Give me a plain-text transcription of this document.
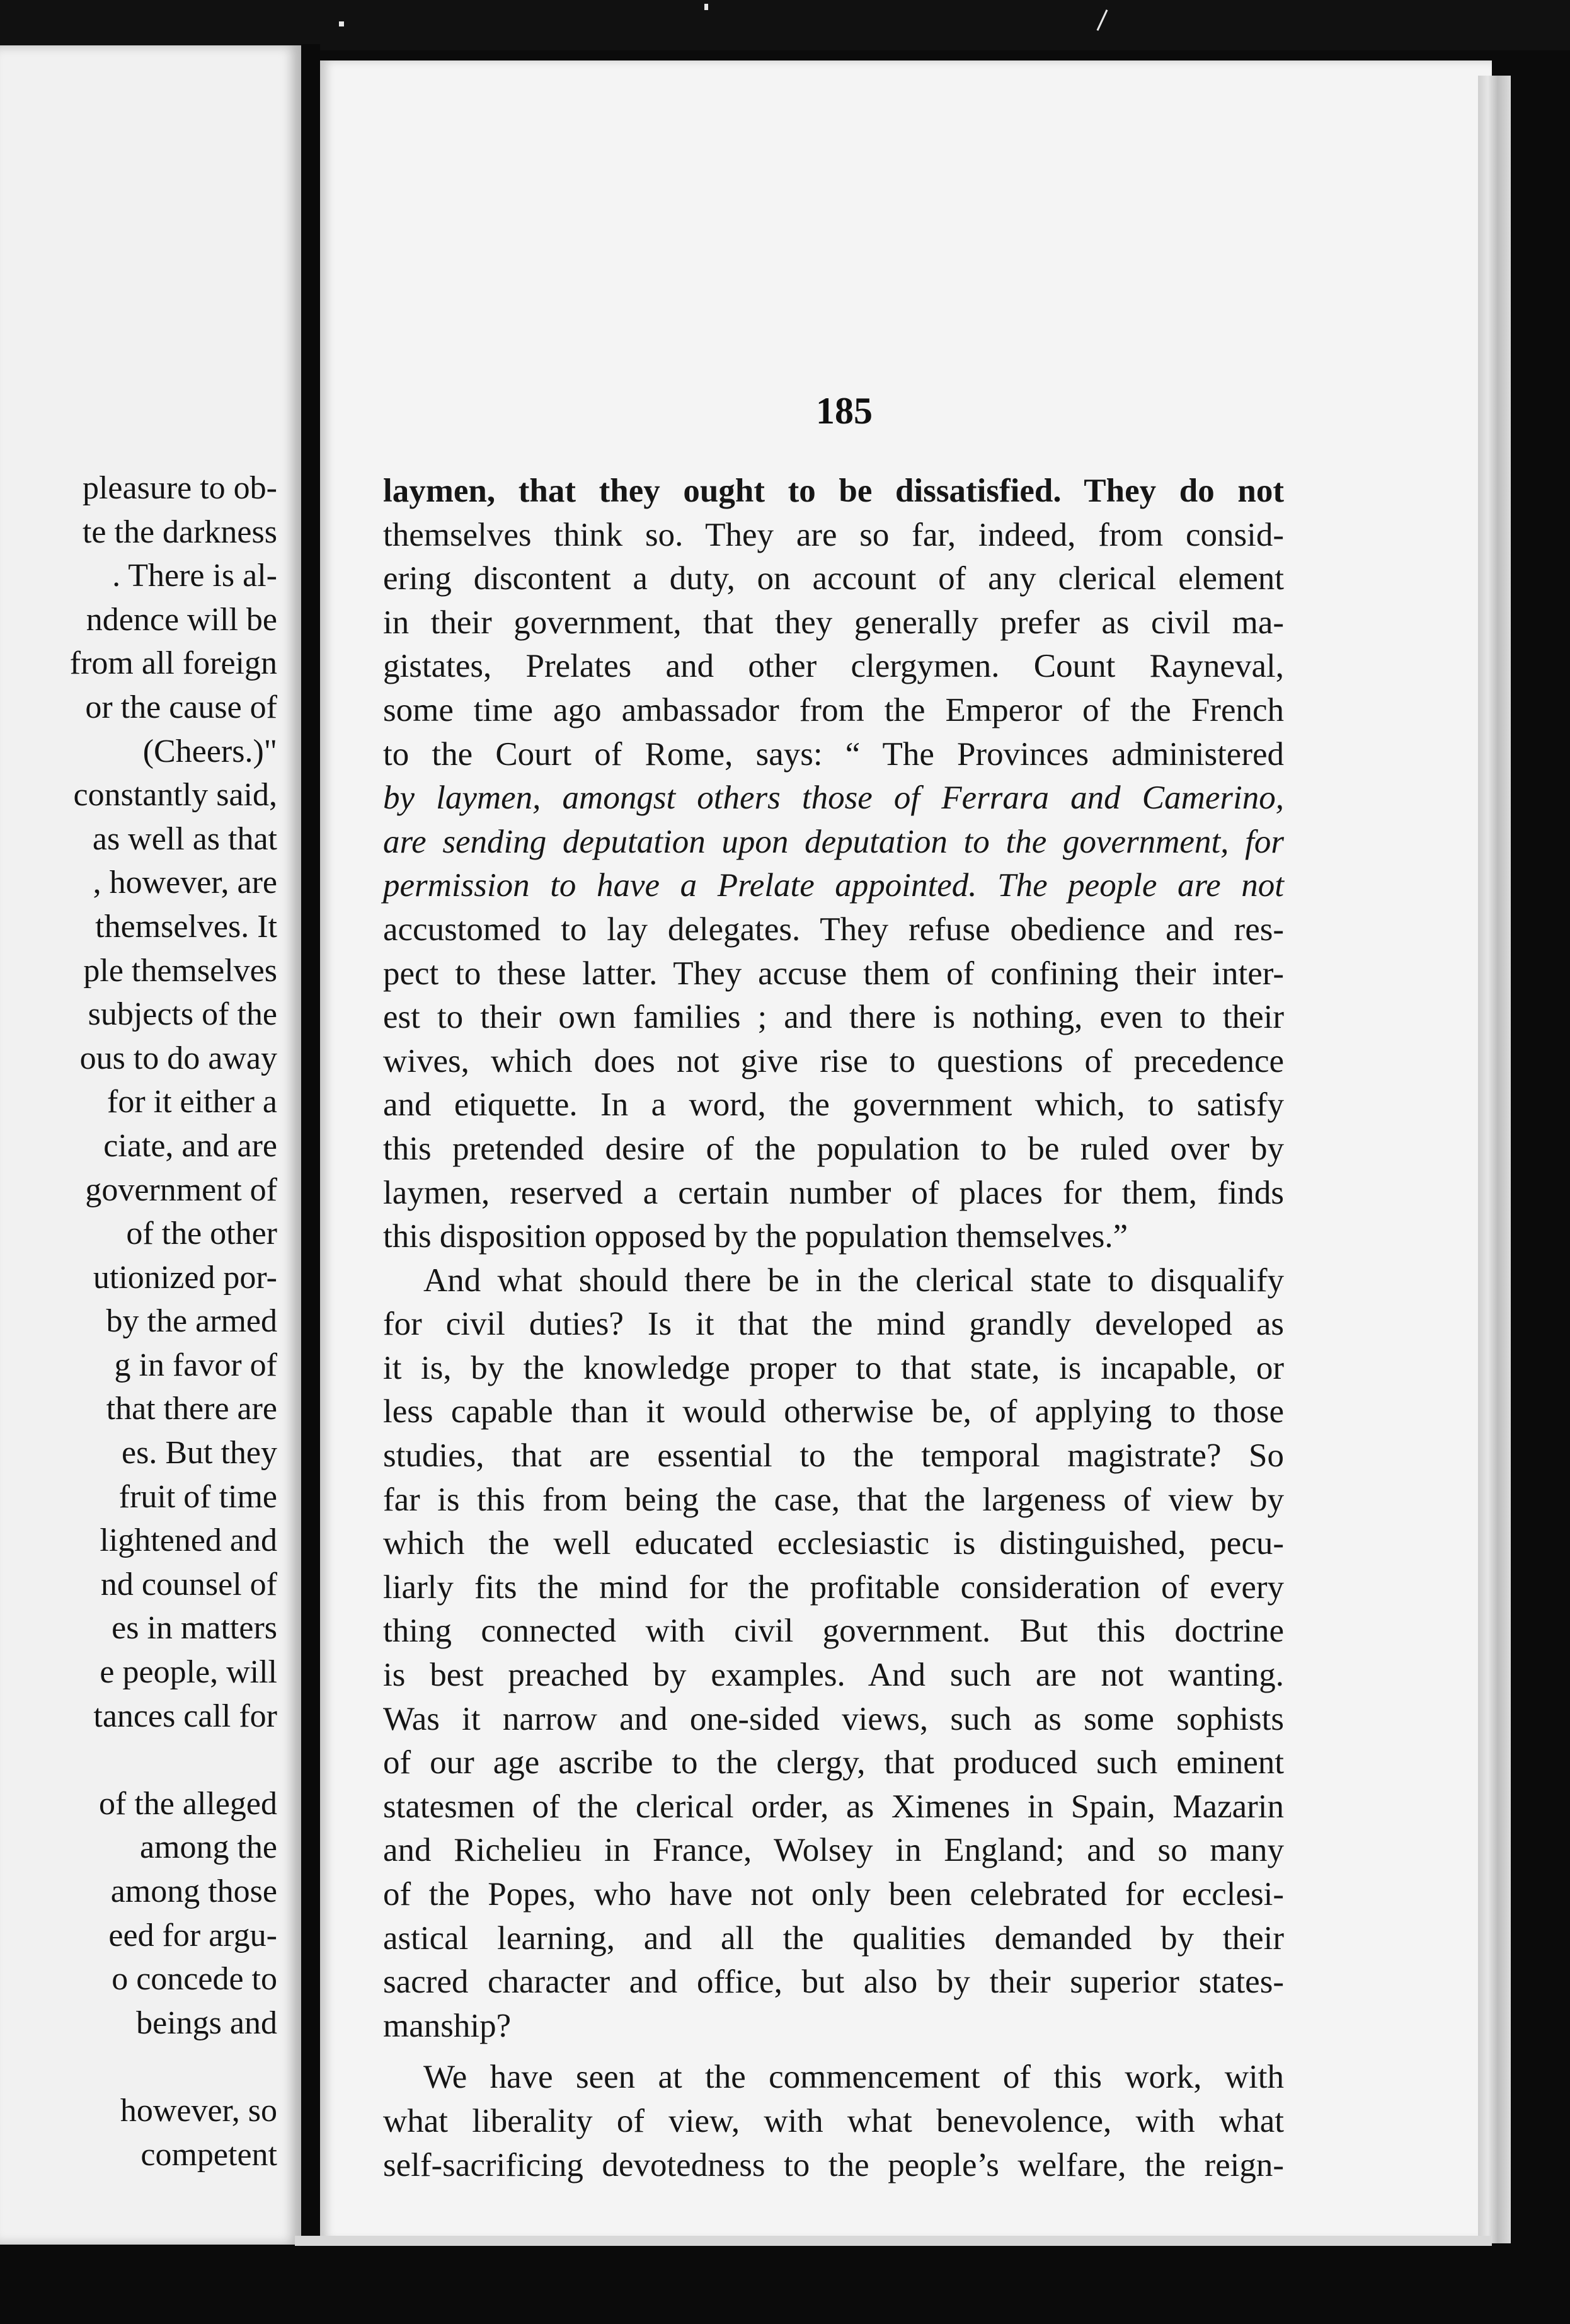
pleasure to ob-
te the darkness
. There is al-
ndence will be
from all foreign
or the cause of
(Cheers.)"
constantly said,
as well as that
, however, are
themselves. It
ple themselves
subjects of the
ous to do away
for it either a
ciate, and are
government of
of the other
utionized por-
by the armed
g in favor of
that there are
es. But they
fruit of time
lightened and
nd counsel of
es in matters
e people, will
tances call for

of the alleged
among the
among those
eed for argu-
o concede to
beings and

however, so
competent
185
laymen, that they ought to be dissatisfied. They do not
themselves think so. They are so far, indeed, from consid-
ering discontent a duty, on account of any clerical element
in their government, that they generally prefer as civil ma-
gistates, Prelates and other clergymen. Count Rayneval,
some time ago ambassador from the Emperor of the French
to the Court of Rome, says: “ The Provinces administered
by laymen, amongst others those of Ferrara and Camerino,
are sending deputation upon deputation to the government, for
permission to have a Prelate appointed. The people are not
accustomed to lay delegates. They refuse obedience and res-
pect to these latter. They accuse them of confining their inter-
est to their own families ; and there is nothing, even to their
wives, which does not give rise to questions of precedence
and etiquette. In a word, the government which, to satisfy
this pretended desire of the population to be ruled over by
laymen, reserved a certain number of places for them, finds
this disposition opposed by the population themselves.”
And what should there be in the clerical state to disqualify
for civil duties? Is it that the mind grandly developed as
it is, by the knowledge proper to that state, is incapable, or
less capable than it would otherwise be, of applying to those
studies, that are essential to the temporal magistrate? So
far is this from being the case, that the largeness of view by
which the well educated ecclesiastic is distinguished, pecu-
liarly fits the mind for the profitable consideration of every
thing connected with civil government. But this doctrine
is best preached by examples. And such are not wanting.
Was it narrow and one-sided views, such as some sophists
of our age ascribe to the clergy, that produced such eminent
statesmen of the clerical order, as Ximenes in Spain, Mazarin
and Richelieu in France, Wolsey in England; and so many
of the Popes, who have not only been celebrated for ecclesi-
astical learning, and all the qualities demanded by their
sacred character and office, but also by their superior states-
manship?
We have seen at the commencement of this work, with
what liberality of view, with what benevolence, with what
self-sacrificing devotedness to the people’s welfare, the reign-
